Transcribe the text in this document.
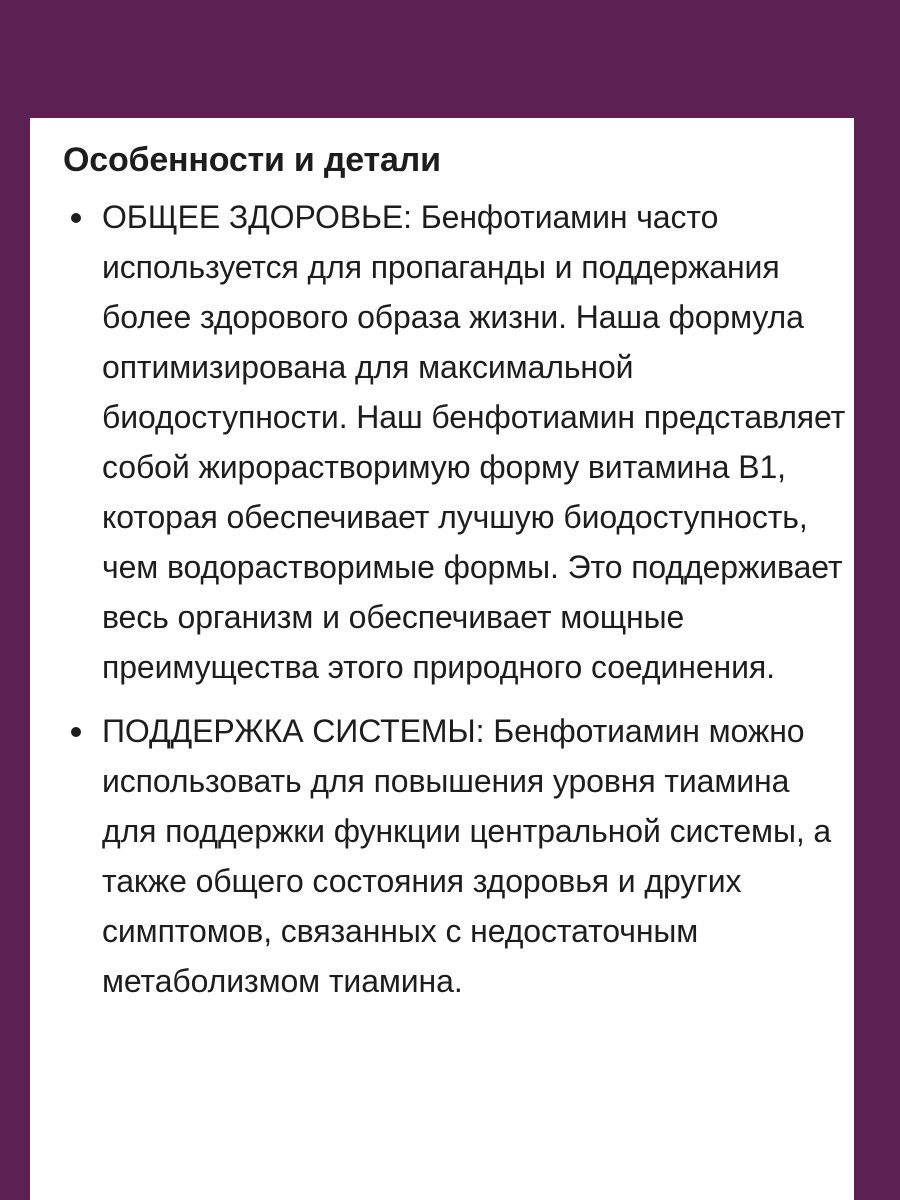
Особенности и детали
ОБЩЕЕ ЗДОРОВЬЕ: Бенфотиамин часто используется для пропаганды и поддержания более здорового образа жизни. Наша формула оптимизирована для максимальной биодоступности. Наш бенфотиамин представляет собой жирорастворимую форму витамина B1, которая обеспечивает лучшую биодоступность, чем водорастворимые формы. Это поддерживает весь организм и обеспечивает мощные преимущества этого природного соединения.
ПОДДЕРЖКА СИСТЕМЫ: Бенфотиамин можно использовать для повышения уровня тиамина для поддержки функции центральной системы, а также общего состояния здоровья и других симптомов, связанных с недостаточным метаболизмом тиамина.
